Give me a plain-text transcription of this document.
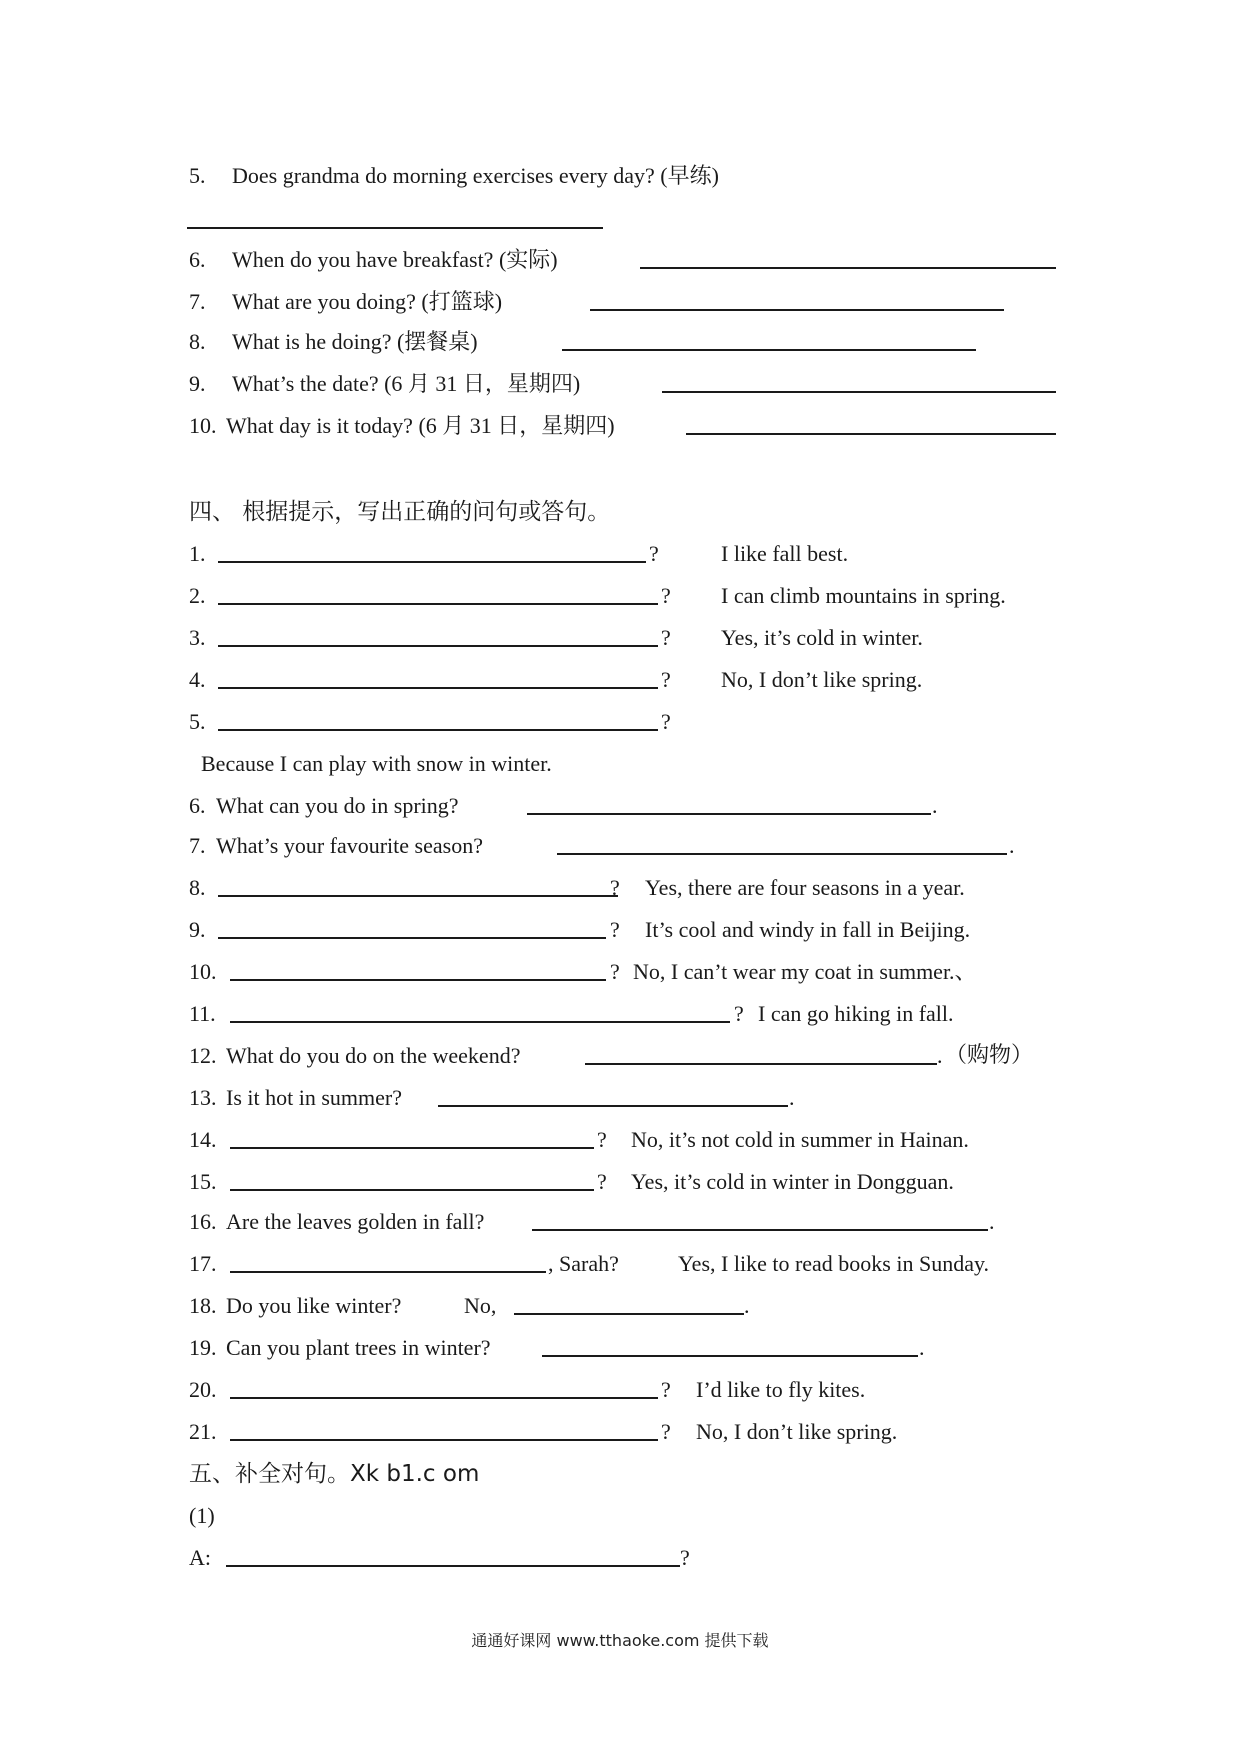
5. Does grandma do morning exercises every day? (早练)
6. When do you have breakfast? (实际)
7. What are you doing? (打篮球)
8. What is he doing? (摆餐桌)
9. What’s the date? (6 月 31 日，星期四)
10. What day is it today? (6 月 31 日，星期四)
四、 根据提示，写出正确的问句或答句。
1.	?	I like fall best.
2.	? I can climb mountains in spring.
3.	? Yes, it’s cold in winter.
4.	? No, I don’t like spring.
5.	?
Because I can play with snow in winter.
6. What can you do in spring?	.
7. What’s your favourite season?	.
8.	? Yes, there are four seasons in a year.
9.	? It’s cool and windy in fall in Beijing.
10.	? No, I can’t wear my coat in summer.、
11.	? I can go hiking in fall.
12. What do you do on the weekend?	. （购物）
13. Is it hot in summer?	.
14.	? No, it’s not cold in summer in Hainan.
15.	? Yes, it’s cold in winter in Dongguan.
16. Are the leaves golden in fall?	.
17.	, Sarah?	Yes, I like to read books in Sunday.
18. Do you like winter?	No,	.
19. Can you plant trees in winter?	.
20.	? I’d like to fly kites.
21.	? No, I don’t like spring.
五、补全对句。Xk b1.c om
(1)
A:	?
通通好课网 www.tthaoke.com 提供下载
